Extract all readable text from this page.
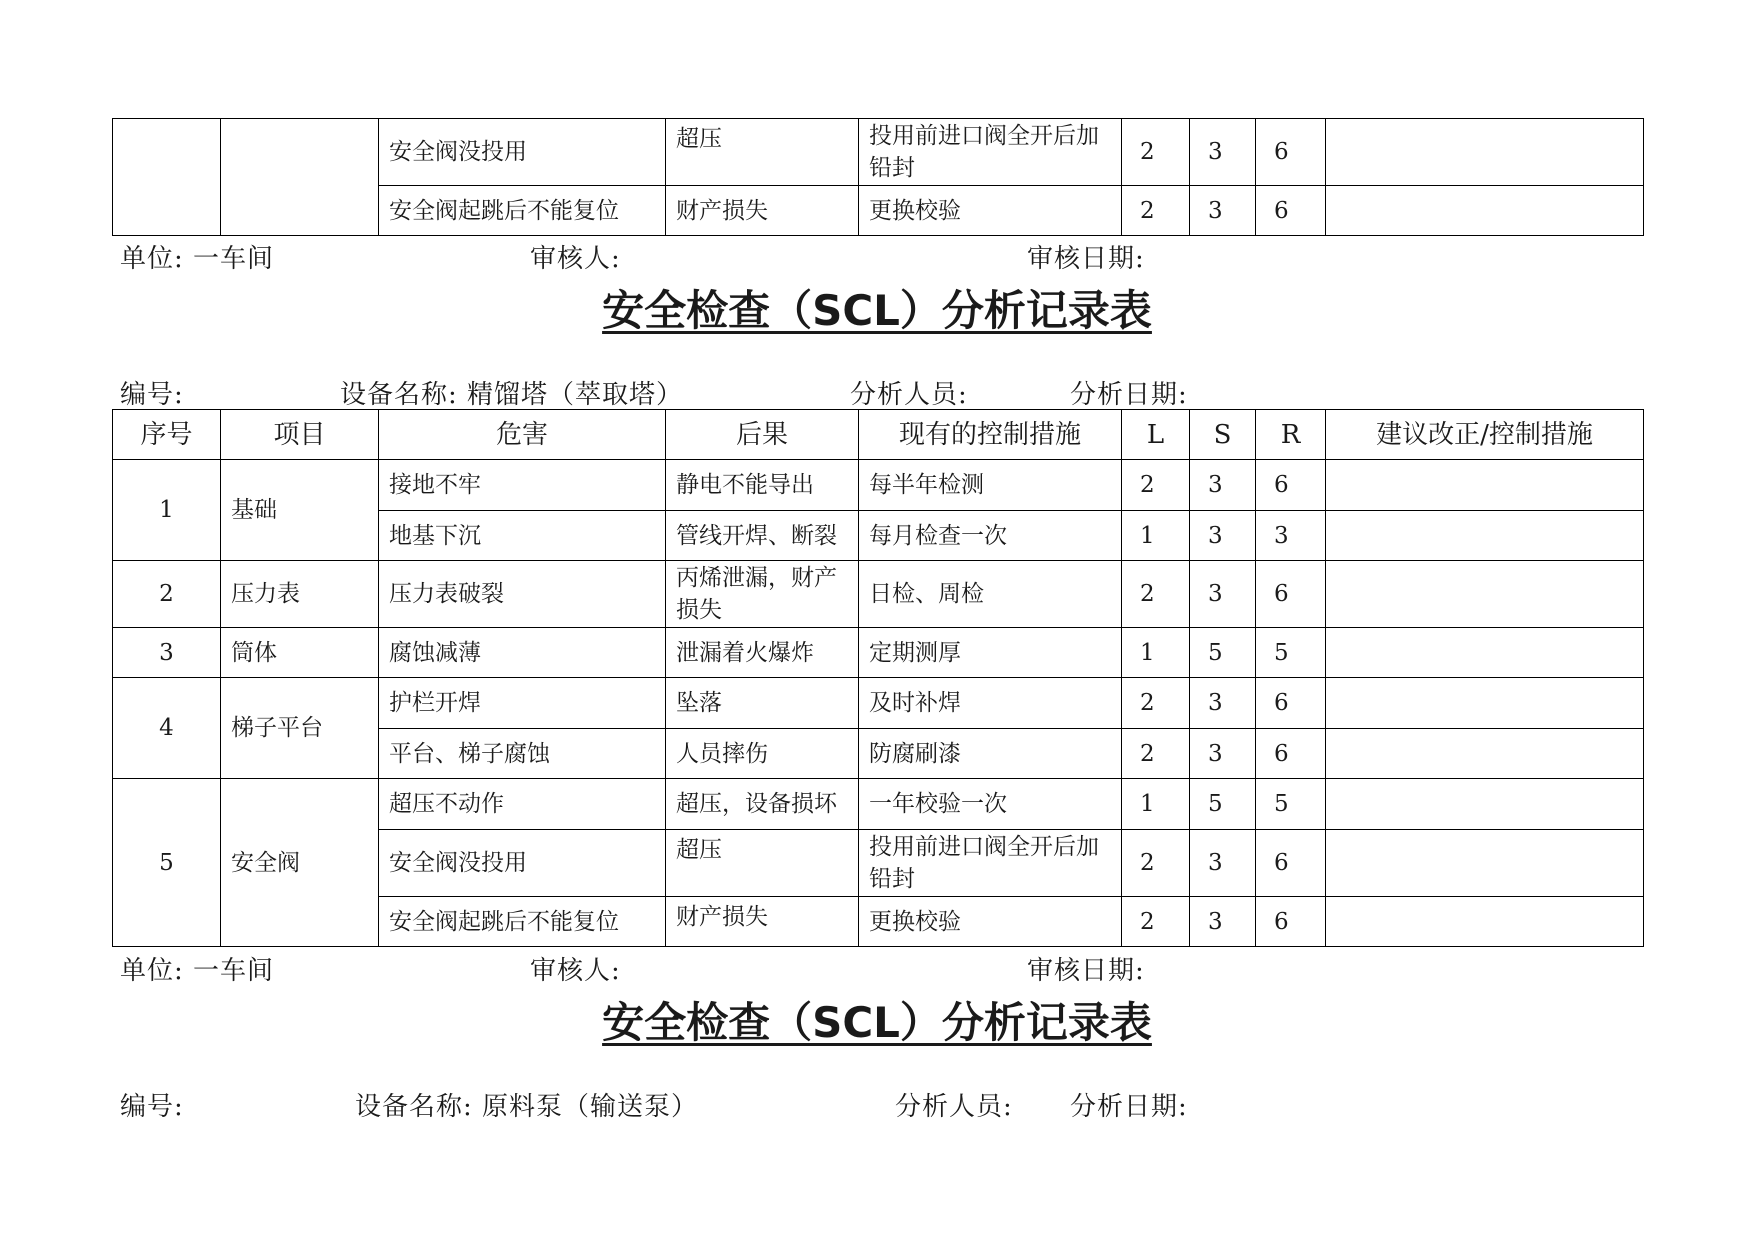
		安全阀没投用	超压	投用前进口阀全开后加铅封	2	3	6	
		安全阀起跳后不能复位	财产损失	更换校验	2	3	6	
单位: 一车间	审核人:	审核日期:
安全检查（SCL）分析记录表
编号:	设备名称: 精馏塔（萃取塔）	分析人员:	分析日期:
序号	项目	危害	后果	现有的控制措施	L	S	R	建议改正/控制措施
1	基础	接地不牢	静电不能导出	每半年检测	2	3	6	
		地基下沉	管线开焊、断裂	每月检查一次	1	3	3	
2	压力表	压力表破裂	丙烯泄漏，财产损失	日检、周检	2	3	6	
3	筒体	腐蚀减薄	泄漏着火爆炸	定期测厚	1	5	5	
4	梯子平台	护栏开焊	坠落	及时补焊	2	3	6	
		平台、梯子腐蚀	人员摔伤	防腐刷漆	2	3	6	
5	安全阀	超压不动作	超压，设备损坏	一年校验一次	1	5	5	
		安全阀没投用	超压	投用前进口阀全开后加铅封	2	3	6	
		安全阀起跳后不能复位	财产损失	更换校验	2	3	6	
单位: 一车间	审核人:	审核日期:
安全检查（SCL）分析记录表
编号:	设备名称: 原料泵（输送泵）	分析人员: 分析日期:
